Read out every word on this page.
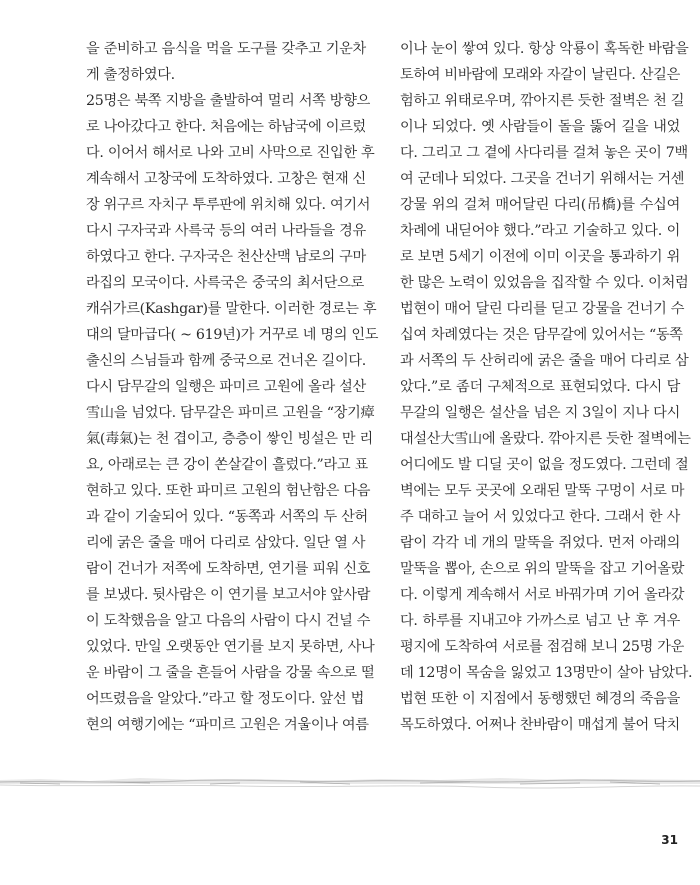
을 준비하고 음식을 먹을 도구를 갖추고 기운차
게 출정하였다.
25명은 북쪽 지방을 출발하여 멀리 서쪽 방향으
로 나아갔다고 한다. 처음에는 하남국에 이르렀
다. 이어서 해서로 나와 고비 사막으로 진입한 후
계속해서 고창국에 도착하였다. 고창은 현재 신
장 위구르 자치구 투루판에 위치해 있다. 여기서
다시 구자국과 사륵국 등의 여러 나라들을 경유
하였다고 한다. 구자국은 천산산맥 남로의 구마
라집의 모국이다. 사륵국은 중국의 최서단으로
캐쉬가르(Kashgar)를 말한다. 이러한 경로는 후
대의 달마급다( ~ 619년)가 거꾸로 네 명의 인도
출신의 스님들과 함께 중국으로 건너온 길이다.
다시 담무갈의 일행은 파미르 고원에 올라 설산
雪山을 넘었다. 담무갈은 파미르 고원을 “장기瘴
氣(毒氣)는 천 겹이고, 층층이 쌓인 빙설은 만 리
요, 아래로는 큰 강이 쏜살같이 흘렀다.”라고 표
현하고 있다. 또한 파미르 고원의 험난함은 다음
과 같이 기술되어 있다. “동쪽과 서쪽의 두 산허
리에 굵은 줄을 매어 다리로 삼았다. 일단 열 사
람이 건너가 저쪽에 도착하면, 연기를 피워 신호
를 보냈다. 뒷사람은 이 연기를 보고서야 앞사람
이 도착했음을 알고 다음의 사람이 다시 건널 수
있었다. 만일 오랫동안 연기를 보지 못하면, 사나
운 바람이 그 줄을 흔들어 사람을 강물 속으로 떨
어뜨렸음을 알았다.”라고 할 정도이다. 앞선 법
현의 여행기에는 “파미르 고원은 겨울이나 여름
이나 눈이 쌓여 있다. 항상 악룡이 혹독한 바람을
토하여 비바람에 모래와 자갈이 날린다. 산길은
험하고 위태로우며, 깎아지른 듯한 절벽은 천 길
이나 되었다. 옛 사람들이 돌을 뚫어 길을 내었
다. 그리고 그 곁에 사다리를 걸쳐 놓은 곳이 7백
여 군데나 되었다. 그곳을 건너기 위해서는 거센
강물 위의 걸쳐 매어달린 다리(吊橋)를 수십여
차례에 내딛어야 했다.”라고 기술하고 있다. 이
로 보면 5세기 이전에 이미 이곳을 통과하기 위
한 많은 노력이 있었음을 집작할 수 있다. 이처럼
법현이 매어 달린 다리를 딛고 강물을 건너기 수
십여 차례였다는 것은 담무갈에 있어서는 “동쪽
과 서쪽의 두 산허리에 굵은 줄을 매어 다리로 삼
았다.”로 좀더 구체적으로 표현되었다. 다시 담
무갈의 일행은 설산을 넘은 지 3일이 지나 다시
대설산大雪山에 올랐다. 깎아지른 듯한 절벽에는
어디에도 발 디딜 곳이 없을 정도였다. 그런데 절
벽에는 모두 곳곳에 오래된 말뚝 구멍이 서로 마
주 대하고 늘어 서 있었다고 한다. 그래서 한 사
람이 각각 네 개의 말뚝을 쥐었다. 먼저 아래의
말뚝을 뽑아, 손으로 위의 말뚝을 잡고 기어올랐
다. 이렇게 계속해서 서로 바꿔가며 기어 올라갔
다. 하루를 지내고야 가까스로 넘고 난 후 겨우
평지에 도착하여 서로를 점검해 보니 25명 가운
데 12명이 목숨을 잃었고 13명만이 살아 남았다.
법현 또한 이 지점에서 동행했던 혜경의 죽음을
목도하였다. 어쩌나 찬바람이 매섭게 불어 닥치
31
